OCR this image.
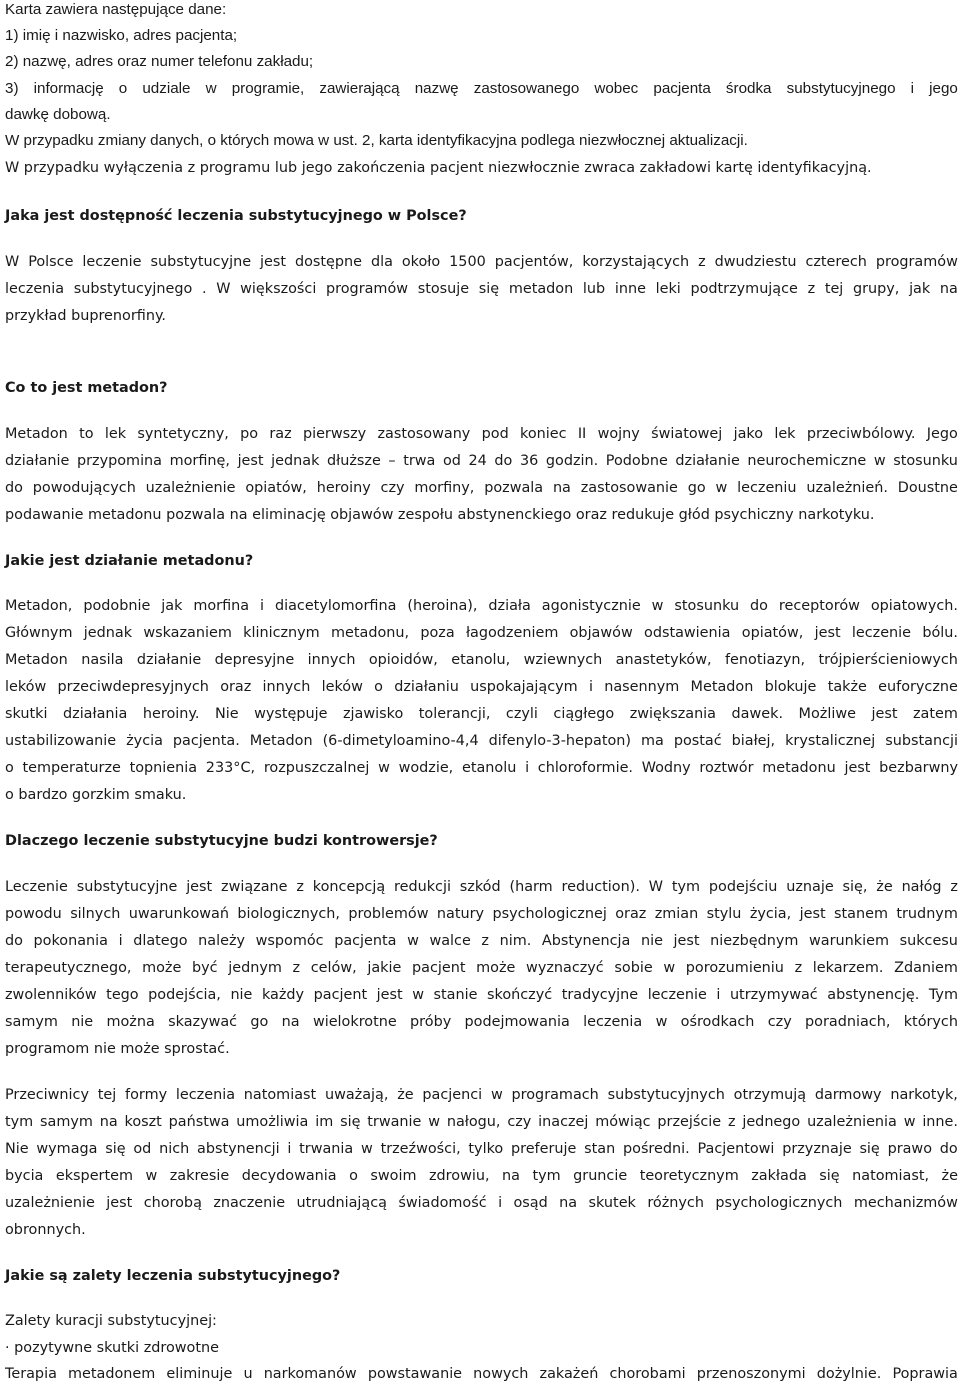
Karta zawiera następujące dane:
1) imię i nazwisko, adres pacjenta;
2) nazwę, adres oraz numer telefonu zakładu;
3) informację o udziale w programie, zawierającą nazwę zastosowanego wobec pacjenta środka substytucyjnego i jego
dawkę dobową.
W przypadku zmiany danych, o których mowa w ust. 2, karta identyfikacyjna podlega niezwłocznej aktualizacji.
W przypadku wyłączenia z programu lub jego zakończenia pacjent niezwłocznie zwraca zakładowi kartę identyfikacyjną.
Jaka jest dostępność leczenia substytucyjnego w Polsce?
W Polsce leczenie substytucyjne jest dostępne dla około 1500 pacjentów, korzystających z dwudziestu czterech programów
leczenia substytucyjnego . W większości programów stosuje się metadon lub inne leki podtrzymujące z tej grupy, jak na
przykład buprenorfiny.
Co to jest metadon?
Metadon to lek syntetyczny, po raz pierwszy zastosowany pod koniec II wojny światowej jako lek przeciwbólowy. Jego
działanie przypomina morfinę, jest jednak dłuższe – trwa od 24 do 36 godzin. Podobne działanie neurochemiczne w stosunku
do powodujących uzależnienie opiatów, heroiny czy morfiny, pozwala na zastosowanie go w leczeniu uzależnień. Doustne
podawanie metadonu pozwala na eliminację objawów zespołu abstynenckiego oraz redukuje głód psychiczny narkotyku.
Jakie jest działanie metadonu?
Metadon, podobnie jak morfina i diacetylomorfina (heroina), działa agonistycznie w stosunku do receptorów opiatowych.
Głównym jednak wskazaniem klinicznym metadonu, poza łagodzeniem objawów odstawienia opiatów, jest leczenie bólu.
Metadon nasila działanie depresyjne innych opioidów, etanolu, wziewnych anastetyków, fenotiazyn, trójpierścieniowych
leków przeciwdepresyjnych oraz innych leków o działaniu uspokajającym i nasennym Metadon blokuje także euforyczne
skutki działania heroiny. Nie występuje zjawisko tolerancji, czyli ciągłego zwiększania dawek. Możliwe jest zatem
ustabilizowanie życia pacjenta. Metadon (6-dimetyloamino-4,4 difenylo-3-hepaton) ma postać białej, krystalicznej substancji
o temperaturze topnienia 233°C, rozpuszczalnej w wodzie, etanolu i chloroformie. Wodny roztwór metadonu jest bezbarwny
o bardzo gorzkim smaku.
Dlaczego leczenie substytucyjne budzi kontrowersje?
Leczenie substytucyjne jest związane z koncepcją redukcji szkód (harm reduction). W tym podejściu uznaje się, że nałóg z
powodu silnych uwarunkowań biologicznych, problemów natury psychologicznej oraz zmian stylu życia, jest stanem trudnym
do pokonania i dlatego należy wspomóc pacjenta w walce z nim. Abstynencja nie jest niezbędnym warunkiem sukcesu
terapeutycznego, może być jednym z celów, jakie pacjent może wyznaczyć sobie w porozumieniu z lekarzem. Zdaniem
zwolenników tego podejścia, nie każdy pacjent jest w stanie skończyć tradycyjne leczenie i utrzymywać abstynencję. Tym
samym nie można skazywać go na wielokrotne próby podejmowania leczenia w ośrodkach czy poradniach, których
programom nie może sprostać.
Przeciwnicy tej formy leczenia natomiast uważają, że pacjenci w programach substytucyjnych otrzymują darmowy narkotyk,
tym samym na koszt państwa umożliwia im się trwanie w nałogu, czy inaczej mówiąc przejście z jednego uzależnienia w inne.
Nie wymaga się od nich abstynencji i trwania w trzeźwości, tylko preferuje stan pośredni. Pacjentowi przyznaje się prawo do
bycia ekspertem w zakresie decydowania o swoim zdrowiu, na tym gruncie teoretycznym zakłada się natomiast, że
uzależnienie jest chorobą znaczenie utrudniającą świadomość i osąd na skutek różnych psychologicznych mechanizmów
obronnych.
Jakie są zalety leczenia substytucyjnego?
Zalety kuracji substytucyjnej:
· pozytywne skutki zdrowotne
Terapia metadonem eliminuje u narkomanów powstawanie nowych zakażeń chorobami przenoszonymi dożylnie. Poprawia
